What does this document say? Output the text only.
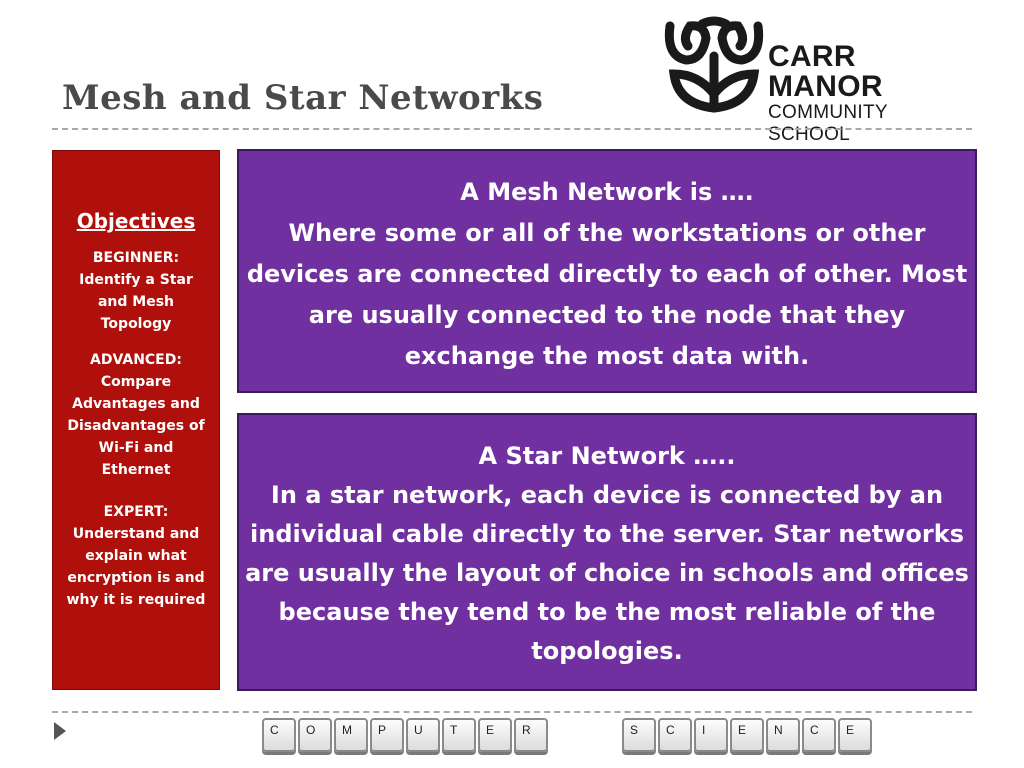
Mesh and Star Networks
CARR MANOR
COMMUNITY SCHOOL
Objectives
BEGINNER:
Identify a Star
and Mesh
Topology
ADVANCED:
Compare
Advantages and
Disadvantages of
Wi-Fi and
Ethernet
EXPERT:
Understand and
explain what
encryption is and
why it is required
A Mesh Network is ….
Where some or all of the workstations or other devices are connected directly to each of other. Most are usually connected to the node that they exchange the most data with.
A Star Network …..
In a star network, each device is connected by an individual cable directly to the server. Star networks are usually the layout of choice in schools and offices because they tend to be the most reliable of the topologies.
C	O	M	P	U	T	E	R	S	C	I	E	N	C	E
